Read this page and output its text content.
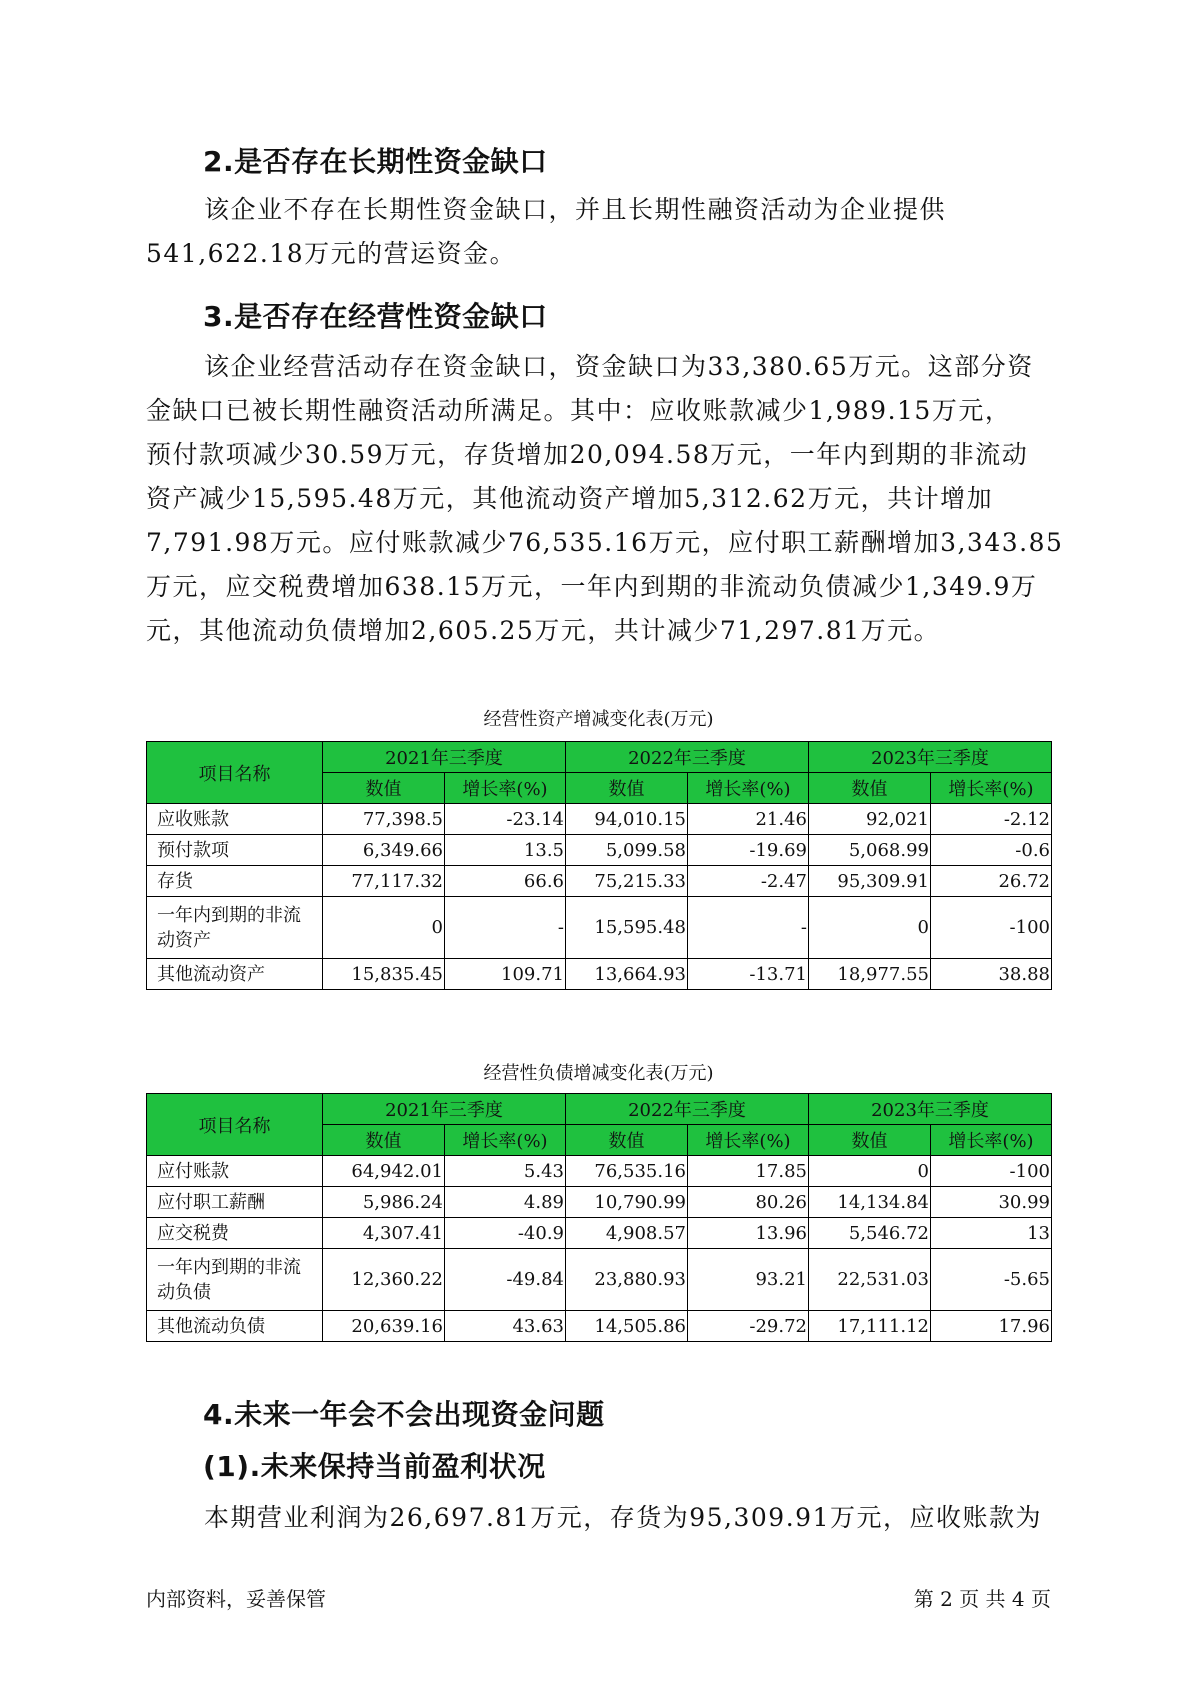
2.是否存在长期性资金缺口
该企业不存在长期性资金缺口，并且长期性融资活动为企业提供
541,622.18万元的营运资金。
3.是否存在经营性资金缺口
该企业经营活动存在资金缺口，资金缺口为33,380.65万元。这部分资
金缺口已被长期性融资活动所满足。其中：应收账款减少1,989.15万元，
预付款项减少30.59万元，存货增加20,094.58万元，一年内到期的非流动
资产减少15,595.48万元，其他流动资产增加5,312.62万元，共计增加
7,791.98万元。应付账款减少76,535.16万元，应付职工薪酬增加3,343.85
万元，应交税费增加638.15万元，一年内到期的非流动负债减少1,349.9万
元，其他流动负债增加2,605.25万元，共计减少71,297.81万元。
经营性资产增减变化表(万元)
项目名称	2021年三季度		2022年三季度		2023年三季度	
	数值	增长率(%)	数值	增长率(%)	数值	增长率(%)
应收账款	77,398.5	-23.14	94,010.15	21.46	92,021	-2.12
预付款项	6,349.66	13.5	5,099.58	-19.69	5,068.99	-0.6
存货	77,117.32	66.6	75,215.33	-2.47	95,309.91	26.72

一年内到期的非流
动资产	0	-	15,595.48	-	0	-100
其他流动资产	15,835.45	109.71	13,664.93	-13.71	18,977.55	38.88
经营性负债增减变化表(万元)
项目名称	2021年三季度		2022年三季度		2023年三季度	
	数值	增长率(%)	数值	增长率(%)	数值	增长率(%)
应付账款	64,942.01	5.43	76,535.16	17.85	0	-100
应付职工薪酬	5,986.24	4.89	10,790.99	80.26	14,134.84	30.99
应交税费	4,307.41	-40.9	4,908.57	13.96	5,546.72	13

一年内到期的非流
动负债	12,360.22	-49.84	23,880.93	93.21	22,531.03	-5.65
其他流动负债	20,639.16	43.63	14,505.86	-29.72	17,111.12	17.96
4.未来一年会不会出现资金问题
(1).未来保持当前盈利状况
本期营业利润为26,697.81万元，存货为95,309.91万元，应收账款为
内部资料，妥善保管	第 2 页 共 4 页
